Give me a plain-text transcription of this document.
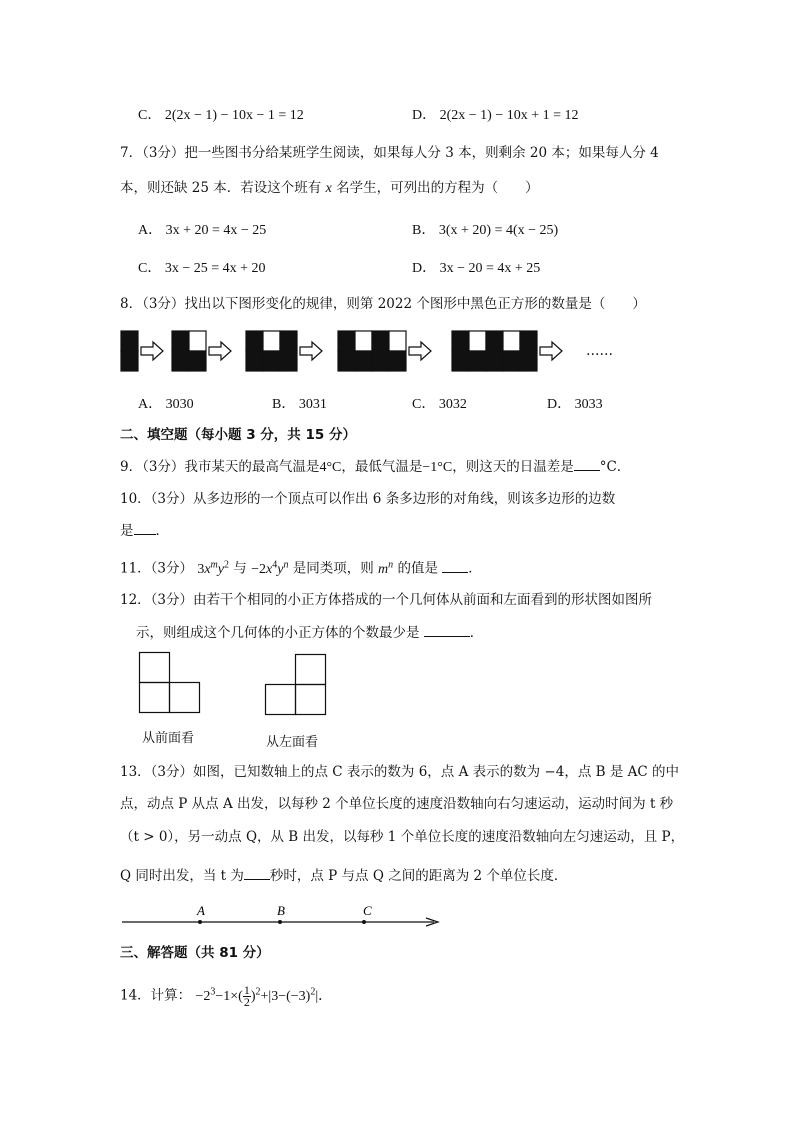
C． 2(2x − 1) − 10x − 1 = 12	D． 2(2x − 1) − 10x + 1 = 12
7．（3分）把一些图书分给某班学生阅读，如果每人分 3 本，则剩余 20 本；如果每人分 4
本，则还缺 25 本．若设这个班有 x 名学生，可列出的方程为（　　）
A． 3x + 20 = 4x − 25	B． 3(x + 20) = 4(x − 25)
C． 3x − 25 = 4x + 20	D． 3x − 20 = 4x + 25
8．（3分）找出以下图形变化的规律，则第 2022 个图形中黑色正方形的数量是（　　）
……
A． 3030	B． 3031	C． 3032	D． 3033
二、填空题（每小题 3 分，共 15 分）
9．（3分）我市某天的最高气温是4°C，最低气温是−1°C，则这天的日温差是 °C．
10．（3分）从多边形的一个顶点可以作出 6 条多边形的对角线，则该多边形的边数
是 ．
11．（3分） $3x^my^2$ 与 $-2x^4y^n$ 是同类项，则 $m^n$ 的值是 ．
12．（3分）由若干个相同的小正方体搭成的一个几何体从前面和左面看到的形状图如图所
示，则组成这个几何体的小正方体的个数最少是	．
从前面看	从左面看
13．（3分）如图，已知数轴上的点 C 表示的数为 6，点 A 表示的数为 −4，点 B 是 AC 的中
点，动点 P 从点 A 出发，以每秒 2 个单位长度的速度沿数轴向右匀速运动，运动时间为 t 秒
（t > 0），另一动点 Q，从 B 出发，以每秒 1 个单位长度的速度沿数轴向左匀速运动，且 P，
Q 同时出发，当 t 为 秒时，点 P 与点 Q 之间的距离为 2 个单位长度．
A	B	C
三、解答题（共 81 分）
14．计算： $-2^3-1\times( \frac{1}{2} )^2+|3-(-3)^2|$．
